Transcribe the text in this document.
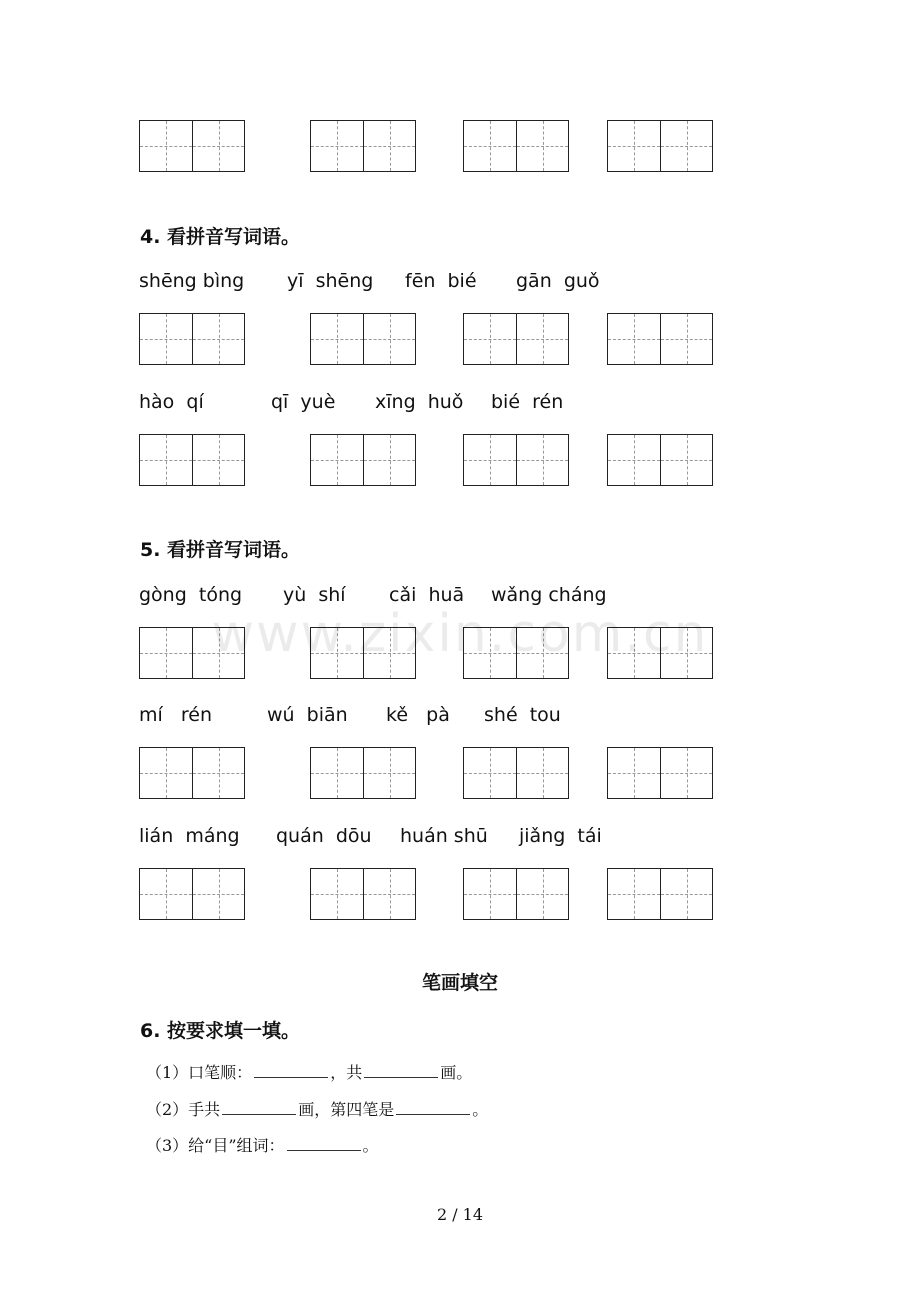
4. 看拼音写词语。
shēng bìng yī  shēng fēn  bié gān  guǒ
hào  qí	qī  yuè xīng  huǒ bié  rén
5. 看拼音写词语。
gòng  tóng yù  shí cǎi  huā wǎng cháng
mí   rén	wú  biān kě   pà shé  tou
lián  máng quán  dōu huán shū jiǎng  tái
笔画填空
6. 按要求填一填。
（1）口笔顺：	，共	画。
（2）手共	画，第四笔是	。
（3）给“目”组词：	。
www.zixin.com.cn
2 / 14
